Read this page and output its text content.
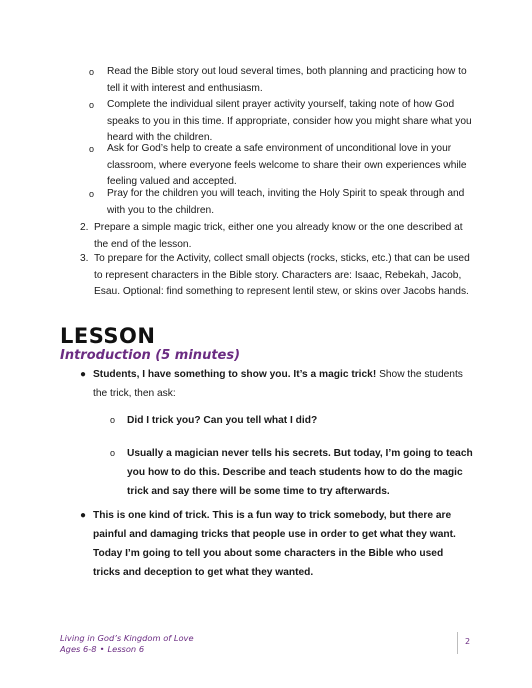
o Read the Bible story out loud several times, both planning and practicing how to tell it with interest and enthusiasm.
o Complete the individual silent prayer activity yourself, taking note of how God speaks to you in this time. If appropriate, consider how you might share what you heard with the children.
o Ask for God’s help to create a safe environment of unconditional love in your classroom, where everyone feels welcome to share their own experiences while feeling valued and accepted.
o Pray for the children you will teach, inviting the Holy Spirit to speak through and with you to the children.
2. Prepare a simple magic trick, either one you already know or the one described at the end of the lesson.
3. To prepare for the Activity, collect small objects (rocks, sticks, etc.) that can be used to represent characters in the Bible story. Characters are: Isaac, Rebekah, Jacob, Esau. Optional: find something to represent lentil stew, or skins over Jacobs hands.
LESSON
Introduction (5 minutes)
● Students, I have something to show you. It’s a magic trick! Show the students the trick, then ask:
o Did I trick you? Can you tell what I did?
o Usually a magician never tells his secrets. But today, I’m going to teach you how to do this. Describe and teach students how to do the magic trick and say there will be some time to try afterwards.
● This is one kind of trick. This is a fun way to trick somebody, but there are painful and damaging tricks that people use in order to get what they want. Today I’m going to tell you about some characters in the Bible who used tricks and deception to get what they wanted.
Living in God’s Kingdom of Love
Ages 6-8 • Lesson 6
2
